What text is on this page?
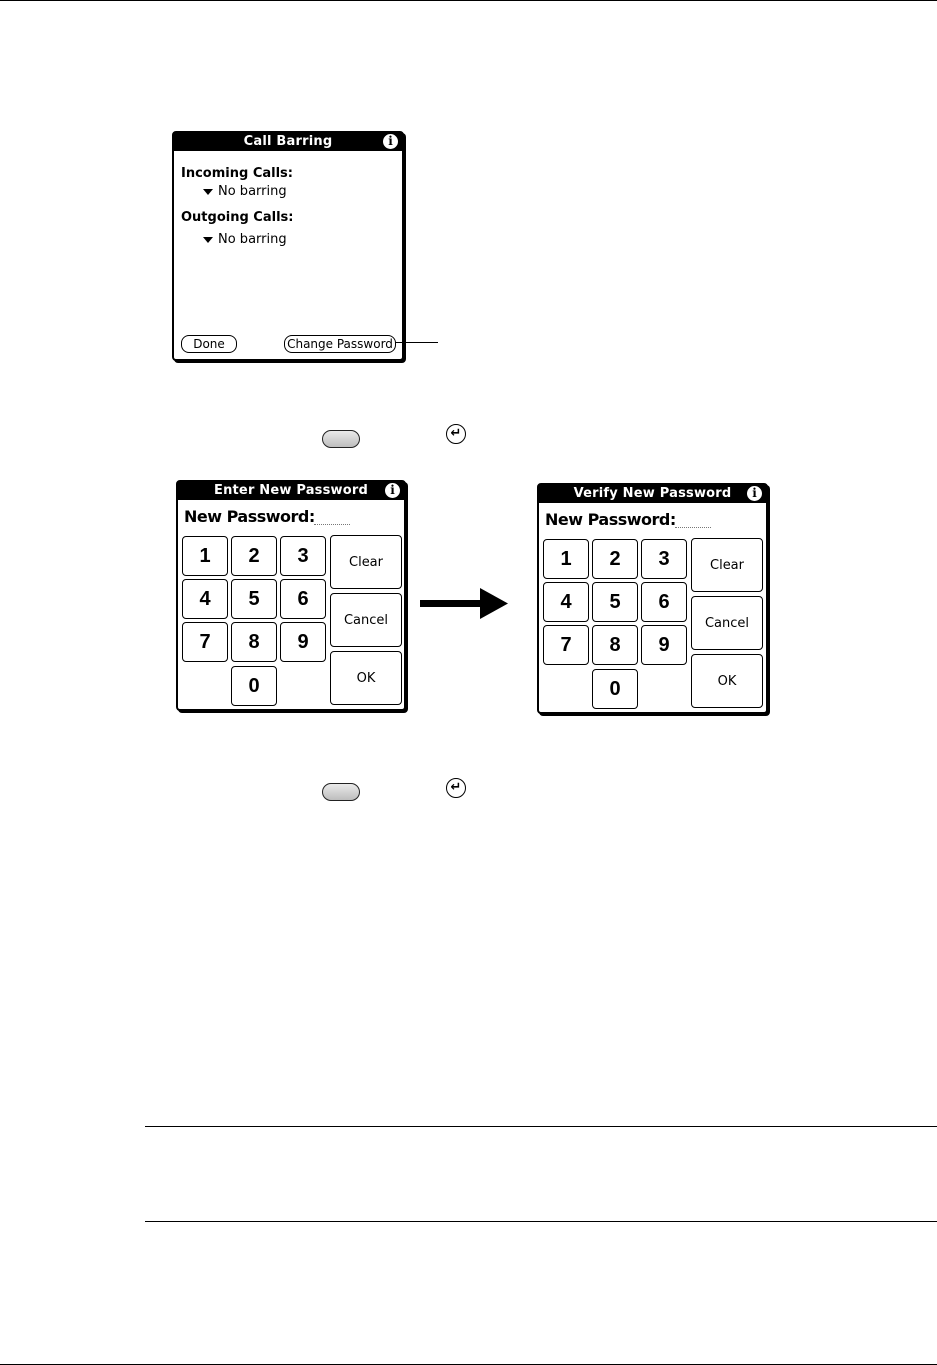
Call Barring	i
Incoming Calls:
No barring
Outgoing Calls:
No barring
Done	Change Password
↵
Enter New Password	i
New Password:
1	2	3
4	5	6
7	8	9
0
Clear
Cancel
OK
Verify New Password	i
New Password:
1	2	3
4	5	6
7	8	9
0
Clear
Cancel
OK
↵
